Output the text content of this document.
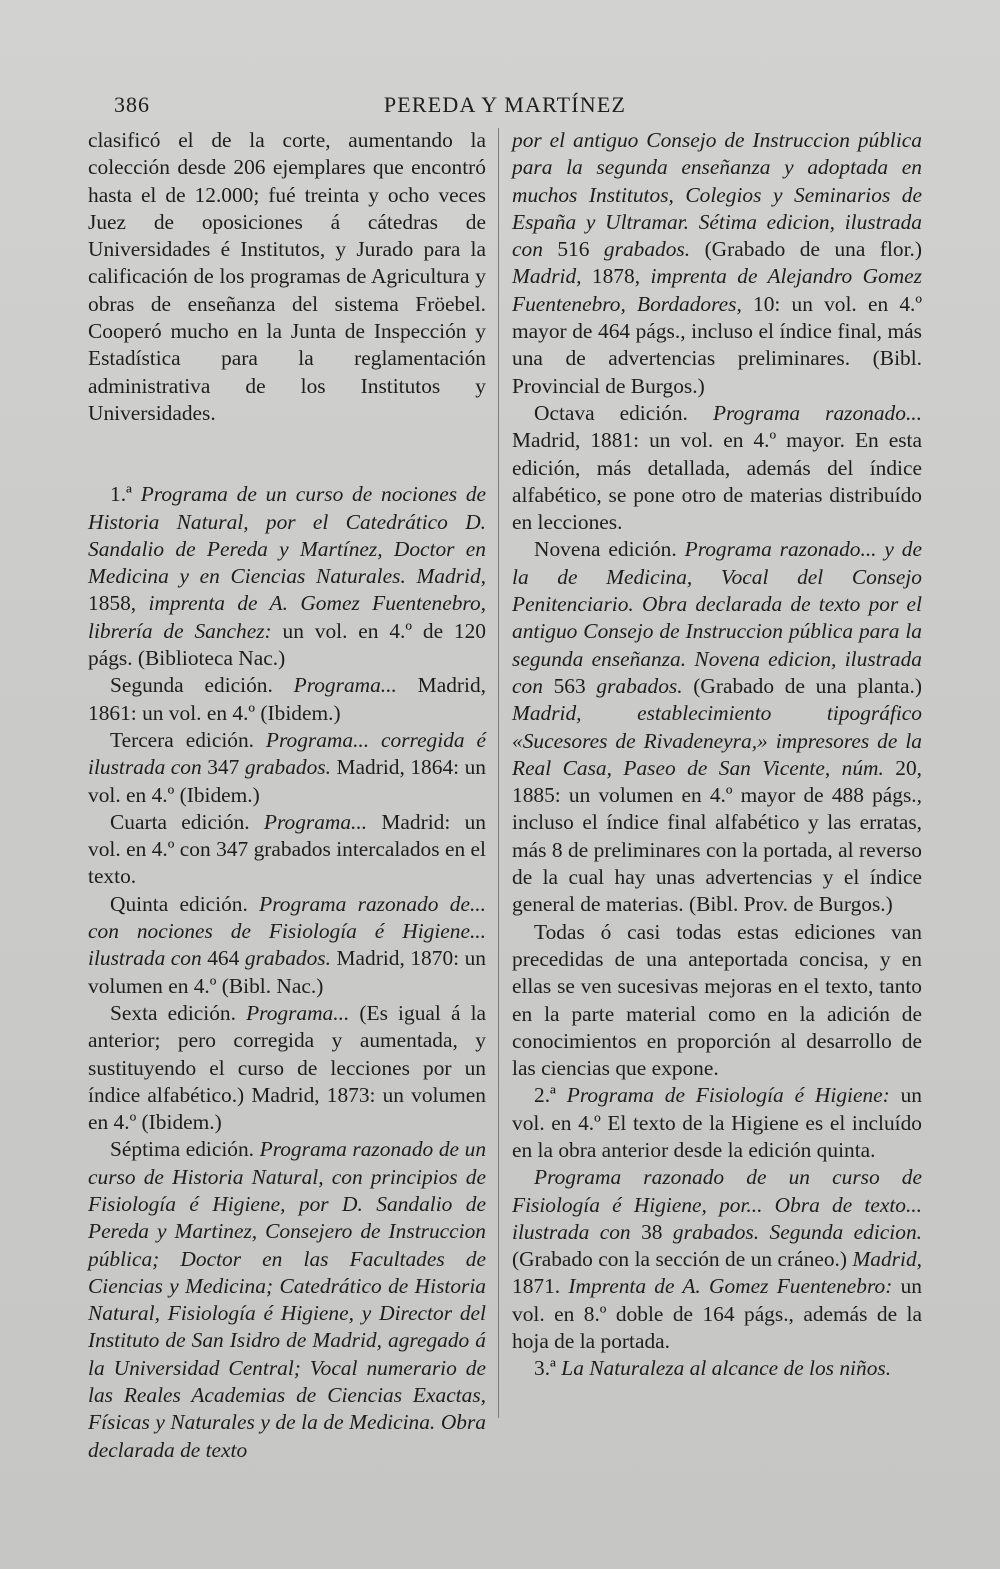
386	PEREDA Y MARTÍNEZ

clasificó el de la corte, aumentando la colección desde 206 ejemplares que encontró hasta el de 12.000; fué treinta y ocho veces Juez de oposiciones á cátedras de Universidades é Institutos, y Jurado para la calificación de los programas de Agricultura y obras de enseñanza del sistema Fröebel. Cooperó mucho en la Junta de Inspección y Estadística para la reglamentación administrativa de los Institutos y Universidades.

1.ª Programa de un curso de nociones de Historia Natural, por el Catedrático D. Sandalio de Pereda y Martínez, Doctor en Medicina y en Ciencias Naturales. Madrid, 1858, imprenta de A. Gomez Fuentenebro, librería de Sanchez: un vol. en 4.º de 120 págs. (Biblioteca Nac.)

Segunda edición. Programa... Madrid, 1861: un vol. en 4.º (Ibidem.)

Tercera edición. Programa... corregida é ilustrada con 347 grabados. Madrid, 1864: un vol. en 4.º (Ibidem.)

Cuarta edición. Programa... Madrid: un vol. en 4.º con 347 grabados intercalados en el texto.

Quinta edición. Programa razonado de... con nociones de Fisiología é Higiene... ilustrada con 464 grabados. Madrid, 1870: un volumen en 4.º (Bibl. Nac.)

Sexta edición. Programa... (Es igual á la anterior; pero corregida y aumentada, y sustituyendo el curso de lecciones por un índice alfabético.) Madrid, 1873: un volumen en 4.º (Ibidem.)

Séptima edición. Programa razonado de un curso de Historia Natural, con principios de Fisiología é Higiene, por D. Sandalio de Pereda y Martinez, Consejero de Instruccion pública; Doctor en las Facultades de Ciencias y Medicina; Catedrático de Historia Natural, Fisiología é Higiene, y Director del Instituto de San Isidro de Madrid, agregado á la Universidad Central; Vocal numerario de las Reales Academias de Ciencias Exactas, Físicas y Naturales y de la de Medicina. Obra declarada de texto

por el antiguo Consejo de Instruccion pública para la segunda enseñanza y adoptada en muchos Institutos, Colegios y Seminarios de España y Ultramar. Sétima edicion, ilustrada con 516 grabados. (Grabado de una flor.) Madrid, 1878, imprenta de Alejandro Gomez Fuentenebro, Bordadores, 10: un vol. en 4.º mayor de 464 págs., incluso el índice final, más una de advertencias preliminares. (Bibl. Provincial de Burgos.)

Octava edición. Programa razonado... Madrid, 1881: un vol. en 4.º mayor. En esta edición, más detallada, además del índice alfabético, se pone otro de materias distribuído en lecciones.

Novena edición. Programa razonado... y de la de Medicina, Vocal del Consejo Penitenciario. Obra declarada de texto por el antiguo Consejo de Instruccion pública para la segunda enseñanza. Novena edicion, ilustrada con 563 grabados. (Grabado de una planta.) Madrid, establecimiento tipográfico «Sucesores de Rivadeneyra,» impresores de la Real Casa, Paseo de San Vicente, núm. 20, 1885: un volumen en 4.º mayor de 488 págs., incluso el índice final alfabético y las erratas, más 8 de preliminares con la portada, al reverso de la cual hay unas advertencias y el índice general de materias. (Bibl. Prov. de Burgos.)

Todas ó casi todas estas ediciones van precedidas de una anteportada concisa, y en ellas se ven sucesivas mejoras en el texto, tanto en la parte material como en la adición de conocimientos en proporción al desarrollo de las ciencias que expone.

2.ª Programa de Fisiología é Higiene: un vol. en 4.º El texto de la Higiene es el incluído en la obra anterior desde la edición quinta.

Programa razonado de un curso de Fisiología é Higiene, por... Obra de texto... ilustrada con 38 grabados. Segunda edicion. (Grabado con la sección de un cráneo.) Madrid, 1871. Imprenta de A. Gomez Fuentenebro: un vol. en 8.º doble de 164 págs., además de la hoja de la portada.

3.ª La Naturaleza al alcance de los niños.
